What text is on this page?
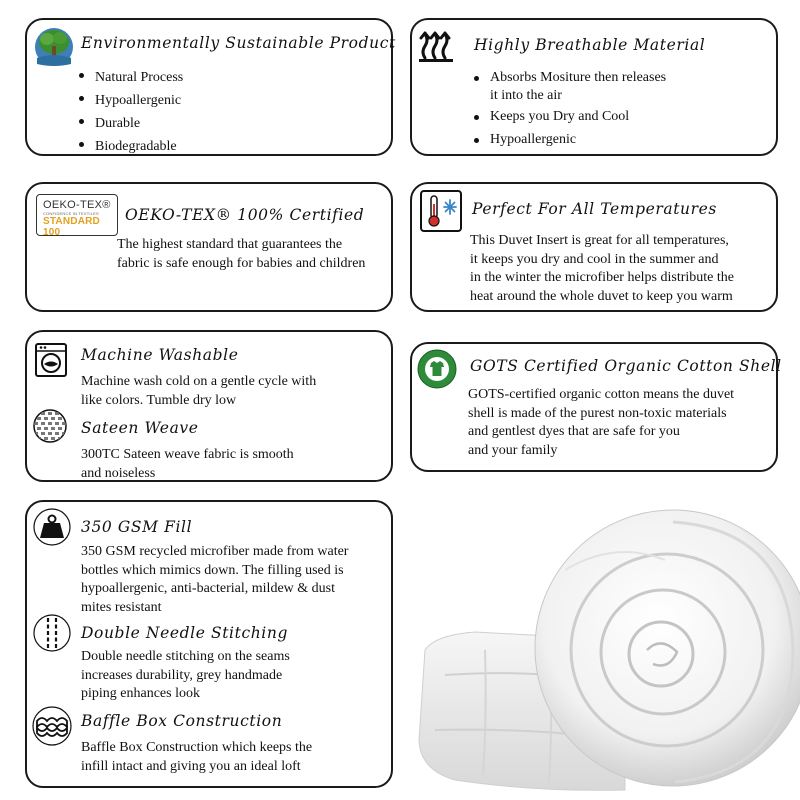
Environmentally Sustainable Product
Natural Process
Hypoallergenic
Durable
Biodegradable
Highly Breathable Material
Absorbs Mositure then releases
it into the air
Keeps you Dry and Cool
Hypoallergenic
OEKO-TEX®
CONFIDENCE IN TEXTILES
STANDARD 100
OEKO-TEX® 100% Certified
The highest standard that guarantees the
fabric is safe enough for babies and children
Perfect For All Temperatures
This Duvet Insert is great for all temperatures,
it keeps you dry and cool in the summer and
in the winter the microfiber helps distribute the
heat around the whole duvet to keep you warm
Machine Washable
Machine wash cold on a gentle cycle with
like colors. Tumble dry low
Sateen Weave
300TC Sateen weave fabric is smooth
and noiseless
GOTS Certified Organic Cotton Shell
GOTS-certified organic cotton means the duvet
shell is made of the purest non-toxic materials
and gentlest dyes that are safe for you
and your family
350 GSM Fill
350 GSM recycled microfiber made from water
bottles which mimics down. The filling used is
hypoallergenic, anti-bacterial, mildew & dust
mites resistant
Double Needle Stitching
Double needle stitching on the seams
increases durability, grey handmade
piping enhances look
Baffle Box Construction
Baffle Box Construction which keeps the
infill intact and giving you an ideal loft
